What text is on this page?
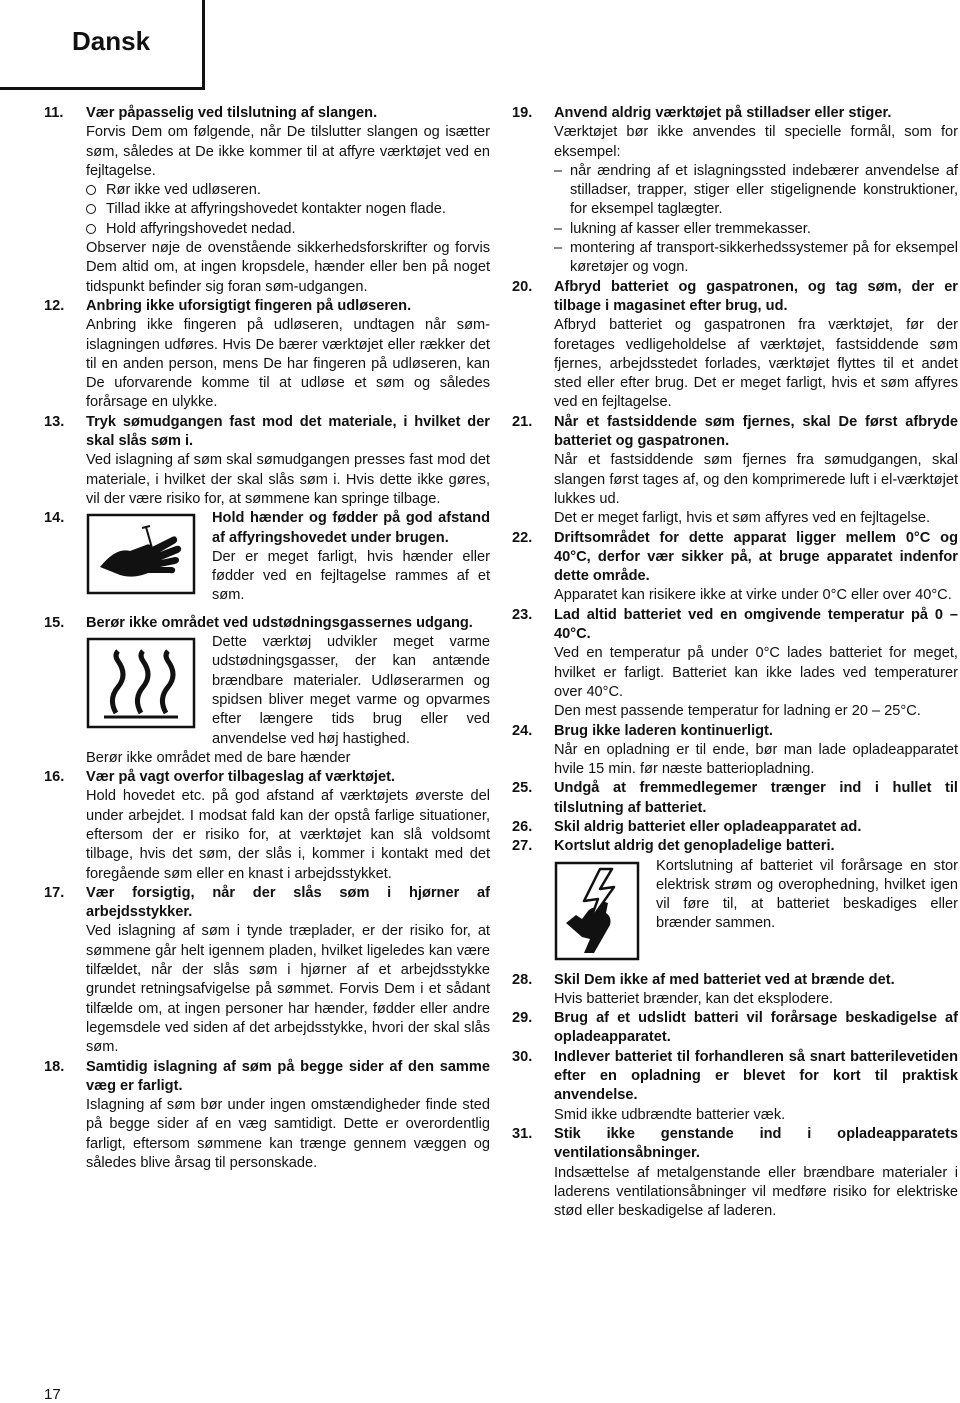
Dansk
11. Vær påpasselig ved tilslutning af slangen.

Forvis Dem om følgende, når De tilslutter slangen og isætter søm, således at De ikke kommer til at affyre værktøjet ved en fejltagelse.

Rør ikke ved udløseren.
Tillad ikke at affyringshovedet kontakter nogen flade.
Hold affyringshovedet nedad.

Observer nøje de ovenstående sikkerhedsforskrifter og forvis Dem altid om, at ingen kropsdele, hænder eller ben på noget tidspunkt befinder sig foran søm-udgangen.

12. Anbring ikke uforsigtigt fingeren på udløseren.

Anbring ikke fingeren på udløseren, undtagen når søm-islagningen udføres. Hvis De bærer værktøjet eller rækker det til en anden person, mens De har fingeren på udløseren, kan De uforvarende komme til at udløse et søm og således forårsage en ulykke.

13. Tryk sømudgangen fast mod det materiale, i hvilket der skal slås søm i.

Ved islagning af søm skal sømudgangen presses fast mod det materiale, i hvilket der skal slås søm i. Hvis dette ikke gøres, vil der være risiko for, at sømmene kan springe tilbage.

14.	Hold hænder og fødder på god afstand af affyringshovedet under brugen.

Der er meget farligt, hvis hænder eller fødder ved en fejltagelse rammes af et søm.

15. Berør ikke området ved udstødningsgassernes udgang.

Dette værktøj udvikler meget varme udstødningsgasser, der kan antænde brændbare materialer. Udløserarmen og spidsen bliver meget varme og opvarmes efter længere tids brug eller ved anvendelse ved høj hastighed.

Berør ikke området med de bare hænder

16. Vær på vagt overfor tilbageslag af værktøjet.

Hold hovedet etc. på god afstand af værktøjets øverste del under arbejdet. I modsat fald kan der opstå farlige situationer, eftersom der er risiko for, at værktøjet kan slå voldsomt tilbage, hvis det søm, der slås i, kommer i kontakt med det foregående søm eller en knast i arbejdsstykket.

17. Vær forsigtig, når der slås søm i hjørner af arbejdsstykker.

Ved islagning af søm i tynde træplader, er der risiko for, at sømmene går helt igennem pladen, hvilket ligeledes kan være tilfældet, når der slås søm i hjørner af et arbejdsstykke grundet retningsafvigelse på sømmet. Forvis Dem i et sådant tilfælde om, at ingen personer har hænder, fødder eller andre legemsdele ved siden af det arbejdsstykke, hvori der skal slås søm.

18. Samtidig islagning af søm på begge sider af den samme væg er farligt.

Islagning af søm bør under ingen omstændigheder finde sted på begge sider af en væg samtidigt. Dette er overordentlig farligt, eftersom sømmene kan trænge gennem væggen og således blive årsag til personskade.

19. Anvend aldrig værktøjet på stilladser eller stiger.

Værktøjet bør ikke anvendes til specielle formål, som for eksempel:

– når ændring af et islagningssted indebærer anvendelse af stilladser, trapper, stiger eller stigelignende konstruktioner, for eksempel taglægter.
– lukning af kasser eller tremmekasser.
– montering af transport-sikkerhedssystemer på for eksempel køretøjer og vogn.
20. Afbryd batteriet og gaspatronen, og tag søm, der er tilbage i magasinet efter brug, ud.

Afbryd batteriet og gaspatronen fra værktøjet, før der foretages vedligeholdelse af værktøjet, fastsiddende søm fjernes, arbejdsstedet forlades, værktøjet flyttes til et andet sted eller efter brug. Det er meget farligt, hvis et søm affyres ved en fejltagelse.

21. Når et fastsiddende søm fjernes, skal De først afbryde batteriet og gaspatronen.

Når et fastsiddende søm fjernes fra sømudgangen, skal slangen først tages af, og den komprimerede luft i el-værktøjet lukkes ud.

Det er meget farligt, hvis et søm affyres ved en fejltagelse.

22. Driftsområdet for dette apparat ligger mellem 0°C og 40°C, derfor vær sikker på, at bruge apparatet indenfor dette område.

Apparatet kan risikere ikke at virke under 0°C eller over 40°C.

23. Lad altid batteriet ved en omgivende temperatur på 0 – 40°C.

Ved en temperatur på under 0°C lades batteriet for meget, hvilket er farligt. Batteriet kan ikke lades ved temperaturer over 40°C.

Den mest passende temperatur for ladning er 20 – 25°C.

24. Brug ikke laderen kontinuerligt.

Når en opladning er til ende, bør man lade opladeapparatet hvile 15 min. før næste batteriopladning.

25. Undgå at fremmedlegemer trænger ind i hullet til tilslutning af batteriet.

26. Skil aldrig batteriet eller opladeapparatet ad.

27. Kortslut aldrig det genopladelige batteri.

Kortslutning af batteriet vil forårsage en stor elektrisk strøm og overophedning, hvilket igen vil føre til, at batteriet beskadiges eller brænder sammen.

28. Skil Dem ikke af med batteriet ved at brænde det.

Hvis batteriet brænder, kan det eksplodere.

29. Brug af et udslidt batteri vil forårsage beskadigelse af opladeapparatet.

30. Indlever batteriet til forhandleren så snart batterilevetiden efter en opladning er blevet for kort til praktisk anvendelse.

Smid ikke udbrændte batterier væk.

31. Stik ikke genstande ind i opladeapparatets ventilationsåbninger.

Indsættelse af metalgenstande eller brændbare materialer i laderens ventilationsåbninger vil medføre risiko for elektriske stød eller beskadigelse af laderen.

17
